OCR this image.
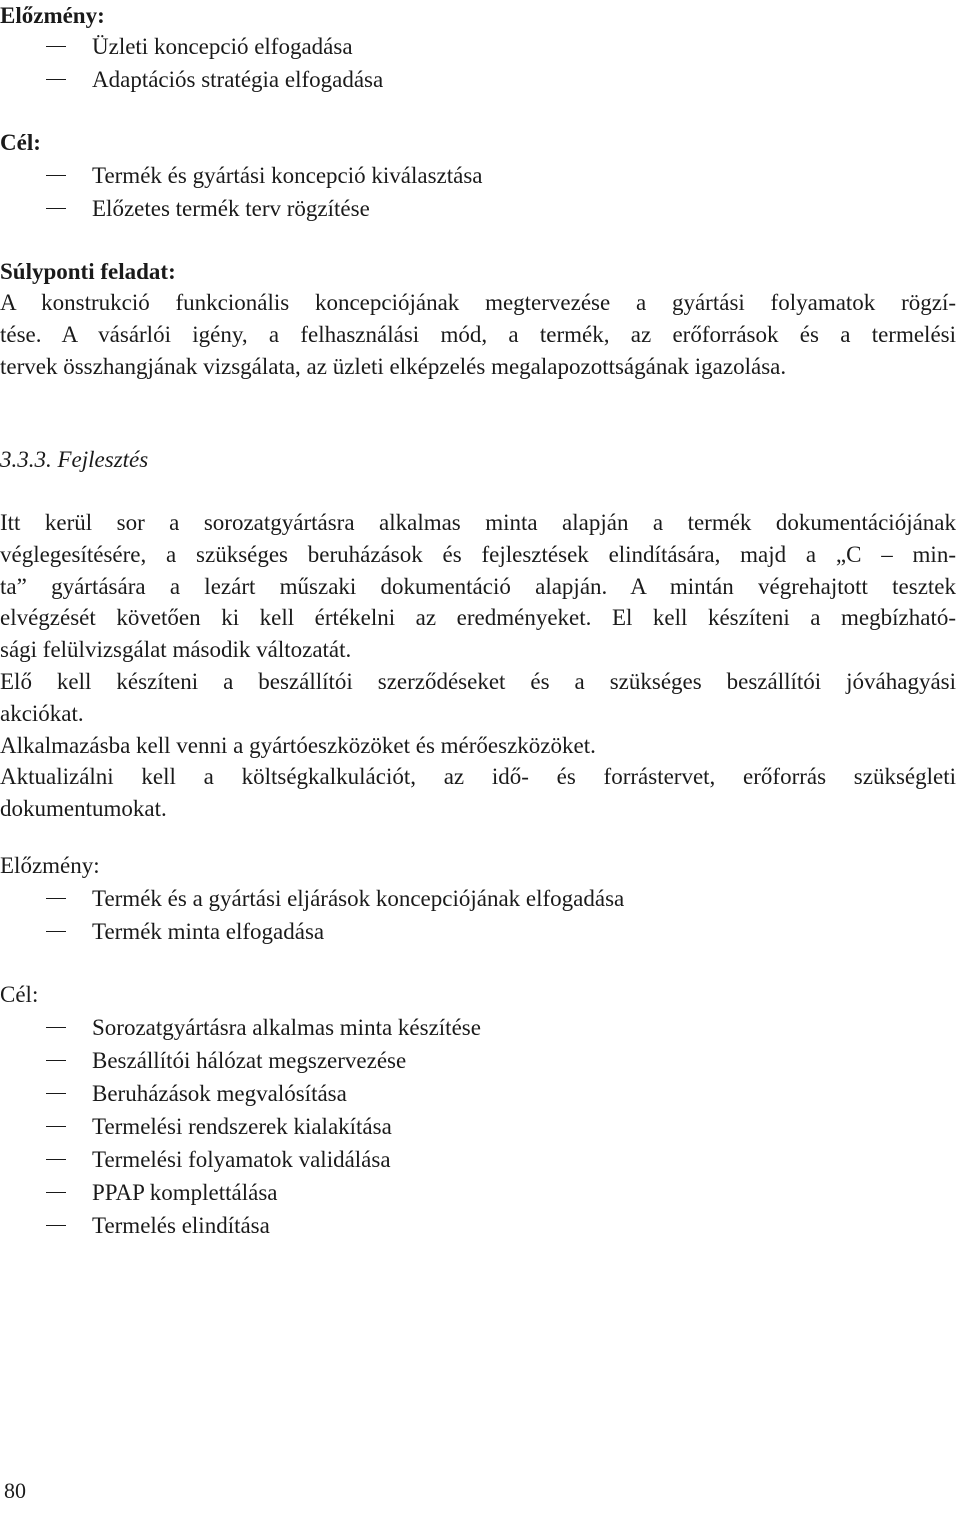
Előzmény:
Üzleti koncepció elfogadása
Adaptációs stratégia elfogadása
Cél:
Termék és gyártási koncepció kiválasztása
Előzetes termék terv rögzítése
Súlyponti feladat:
A konstrukció funkcionális koncepciójának megtervezése a gyártási folyamatok rögzí-
tése. A vásárlói igény, a felhasználási mód, a termék, az erőforrások és a termelési
tervek összhangjának vizsgálata, az üzleti elképzelés megalapozottságának igazolása.
3.3.3. Fejlesztés
Itt kerül sor a sorozatgyártásra alkalmas minta alapján a termék dokumentációjának
véglegesítésére, a szükséges beruházások és fejlesztések elindítására, majd a „C – min-
ta” gyártására a lezárt műszaki dokumentáció alapján. A mintán végrehajtott tesztek
elvégzését követően ki kell értékelni az eredményeket. El kell készíteni a megbízható-
sági felülvizsgálat második változatát.
Elő kell készíteni a beszállítói szerződéseket és a szükséges beszállítói jóváhagyási
akciókat.
Alkalmazásba kell venni a gyártóeszközöket és mérőeszközöket.
Aktualizálni kell a költségkalkulációt, az idő- és forrástervet, erőforrás szükségleti
dokumentumokat.
Előzmény:
Termék és a gyártási eljárások koncepciójának elfogadása
Termék minta elfogadása
Cél:
Sorozatgyártásra alkalmas minta készítése
Beszállítói hálózat megszervezése
Beruházások megvalósítása
Termelési rendszerek kialakítása
Termelési folyamatok validálása
PPAP komplettálása
Termelés elindítása
80
